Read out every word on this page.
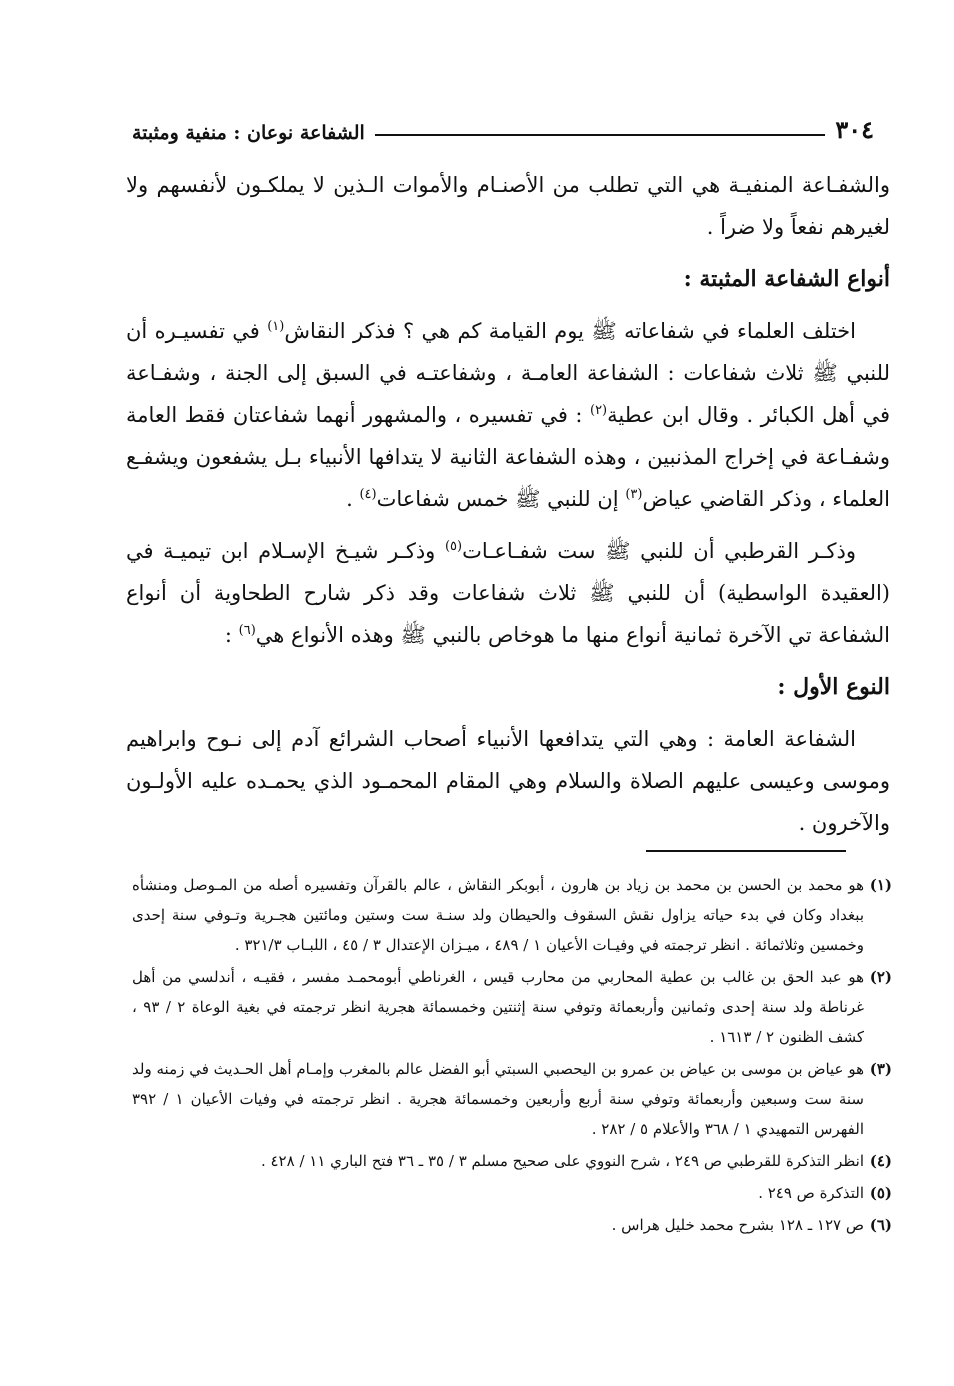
٣٠٤
الشفاعة نوعان : منفية ومثبتة

والشفـاعة المنفيـة هي التي تطلب من الأصنـام والأموات الـذين لا يملكـون لأنفسهم ولا لغيرهم نفعاً ولا ضراً .

أنواع الشفاعة المثبتة :

اختلف العلماء في شفاعاته ﷺ يوم القيامة كم هي ؟ فذكر النقاش$^{(١)}$ في تفسيـره أن للنبي ﷺ ثلاث شفاعات : الشفاعة العامـة ، وشفاعتـه في السبق إلى الجنة ، وشفـاعة في أهل الكبائر . وقال ابن عطية$^{(٢)}$ : في تفسيره ، والمشهور أنهما شفاعتان فقط العامة وشفـاعة في إخراج المذنبين ، وهذه الشفاعة الثانية لا يتدافها الأنبياء بـل يشفعون ويشفـع العلماء ، وذكر القاضي عياض$^{(٣)}$ إن للنبي ﷺ خمس شفاعات$^{(٤)}$ .

وذكـر القرطبي أن للنبي ﷺ ست شفـاعـات$^{(٥)}$ وذكـر شيـخ الإسـلام ابن تيميـة في (العقيدة الواسطية) أن للنبي ﷺ ثلاث شفاعات وقد ذكر شارح الطحاوية أن أنواع الشفاعة تي الآخرة ثمانية أنواع منها ما هوخاص بالنبي ﷺ وهذه الأنواع هي$^{(٦)}$ :

النوع الأول :

الشفاعة العامة : وهي التي يتدافعها الأنبياء أصحاب الشرائع آدم إلى نـوح وابراهيم وموسى وعيسى عليهم الصلاة والسلام وهي المقام المحمـود الذي يحمـده عليه الأولـون والآخرون .

(١)
هو محمد بن الحسن بن محمد بن زياد بن هارون ، أبوبكر النقاش ، عالم بالقرآن وتفسيره أصله من المـوصل ومنشأه ببغداد وكان في بدء حياته يزاول نقش السقوف والحيطان ولد سنـة ست وستين ومائتين هجـرية وتـوفي سنة إحدى وخمسين وثلاثمائة . انظر ترجمته في وفيـات الأعيان ١ / ٤٨٩ ، ميـزان الإعتدال ٣ / ٤٥ ، اللبـاب ٣٢١/٣ .
(٢)
هو عبد الحق بن غالب بن عطية المحاربي من محارب قيس ، الغرناطي أبومحمـد مفسر ، فقيـه ، أندلسي من أهل غرناطة ولد سنة إحدى وثمانين وأربعمائة وتوفي سنة إثنتين وخمسمائة هجرية انظر ترجمته في بغية الوعاة ٢ / ٩٣ ، كشف الظنون ٢ / ١٦١٣ .
(٣)
هو عياض بن موسى بن عياض بن عمرو بن اليحصبي السبتي أبو الفضل عالم بالمغرب وإمـام أهل الحـديث في زمنه ولد سنة ست وسبعين وأربعمائة وتوفي سنة أربع وأربعين وخمسمائة هجرية . انظر ترجمته في وفيات الأعيان ١ / ٣٩٢ الفهرس التمهيدي ١ / ٣٦٨ والأعلام ٥ / ٢٨٢ .
(٤)
انظر التذكرة للقرطبي ص ٢٤٩ ، شرح النووي على صحيح مسلم ٣ / ٣٥ ـ ٣٦ فتح الباري ١١ / ٤٢٨ .
(٥)
التذكرة ص ٢٤٩ .
(٦)
ص ١٢٧ ـ ١٢٨ بشرح محمد خليل هراس .
